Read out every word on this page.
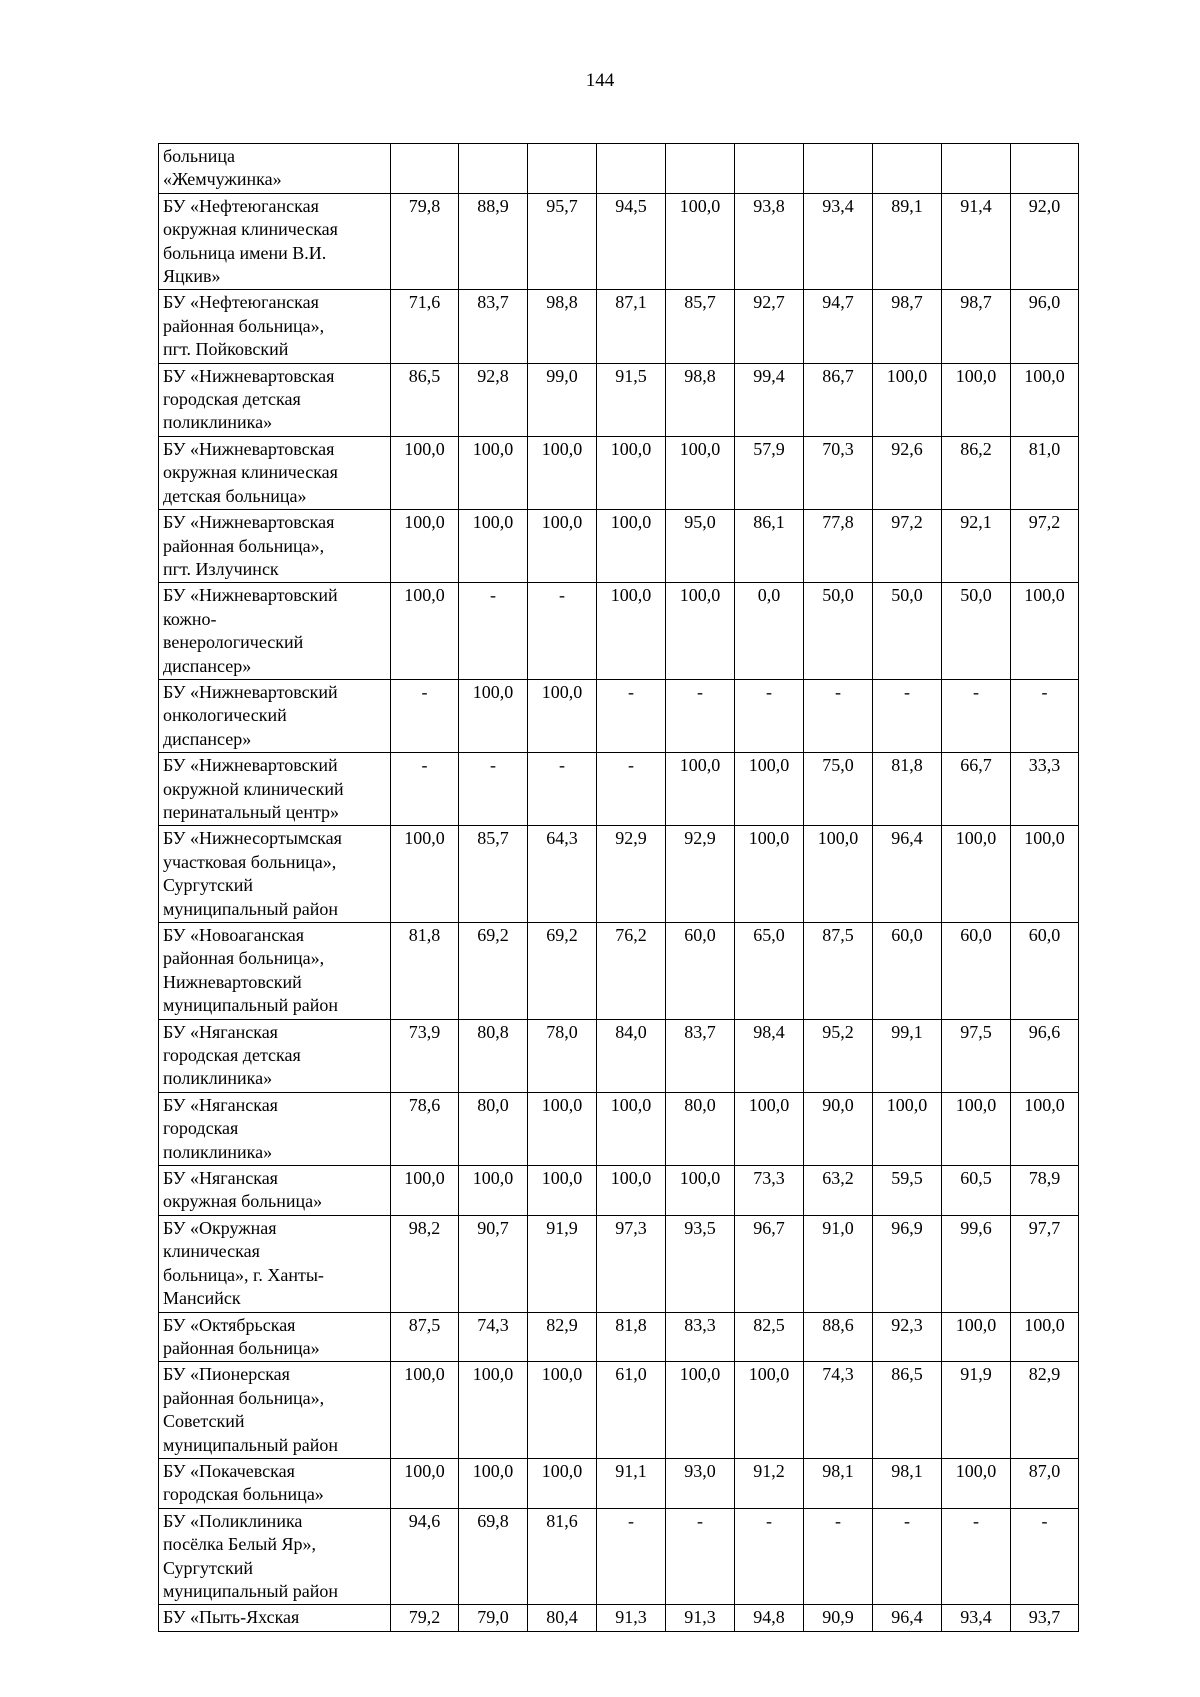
144
больница
«Жемчужинка»										

БУ «Нефтеюганская
окружная клиническая
больница имени В.И.
Яцкив»	79,8	88,9	95,7	94,5	100,0	93,8	93,4	89,1	91,4	92,0

БУ «Нефтеюганская
районная больница»,
пгт. Пойковский	71,6	83,7	98,8	87,1	85,7	92,7	94,7	98,7	98,7	96,0

БУ «Нижневартовская
городская детская
поликлиника»	86,5	92,8	99,0	91,5	98,8	99,4	86,7	100,0	100,0	100,0

БУ «Нижневартовская
окружная клиническая
детская больница»	100,0	100,0	100,0	100,0	100,0	57,9	70,3	92,6	86,2	81,0

БУ «Нижневартовская
районная больница»,
пгт. Излучинск	100,0	100,0	100,0	100,0	95,0	86,1	77,8	97,2	92,1	97,2

БУ «Нижневартовский
кожно-
венерологический
диспансер»	100,0	-	-	100,0	100,0	0,0	50,0	50,0	50,0	100,0

БУ «Нижневартовский
онкологический
диспансер»	-	100,0	100,0	-	-	-	-	-	-	-

БУ «Нижневартовский
окружной клинический
перинатальный центр»	-	-	-	-	100,0	100,0	75,0	81,8	66,7	33,3

БУ «Нижнесортымская
участковая больница»,
Сургутский
муниципальный район	100,0	85,7	64,3	92,9	92,9	100,0	100,0	96,4	100,0	100,0

БУ «Новоаганская
районная больница»,
Нижневартовский
муниципальный район	81,8	69,2	69,2	76,2	60,0	65,0	87,5	60,0	60,0	60,0

БУ «Няганская
городская детская
поликлиника»	73,9	80,8	78,0	84,0	83,7	98,4	95,2	99,1	97,5	96,6

БУ «Няганская
городская
поликлиника»	78,6	80,0	100,0	100,0	80,0	100,0	90,0	100,0	100,0	100,0

БУ «Няганская
окружная больница»	100,0	100,0	100,0	100,0	100,0	73,3	63,2	59,5	60,5	78,9

БУ «Окружная
клиническая
больница», г. Ханты-
Мансийск	98,2	90,7	91,9	97,3	93,5	96,7	91,0	96,9	99,6	97,7

БУ «Октябрьская
районная больница»	87,5	74,3	82,9	81,8	83,3	82,5	88,6	92,3	100,0	100,0

БУ «Пионерская
районная больница»,
Советский
муниципальный район	100,0	100,0	100,0	61,0	100,0	100,0	74,3	86,5	91,9	82,9

БУ «Покачевская
городская больница»	100,0	100,0	100,0	91,1	93,0	91,2	98,1	98,1	100,0	87,0

БУ «Поликлиника
посёлка Белый Яр»,
Сургутский
муниципальный район	94,6	69,8	81,6	-	-	-	-	-	-	-

БУ «Пыть-Яхская	79,2	79,0	80,4	91,3	91,3	94,8	90,9	96,4	93,4	93,7
